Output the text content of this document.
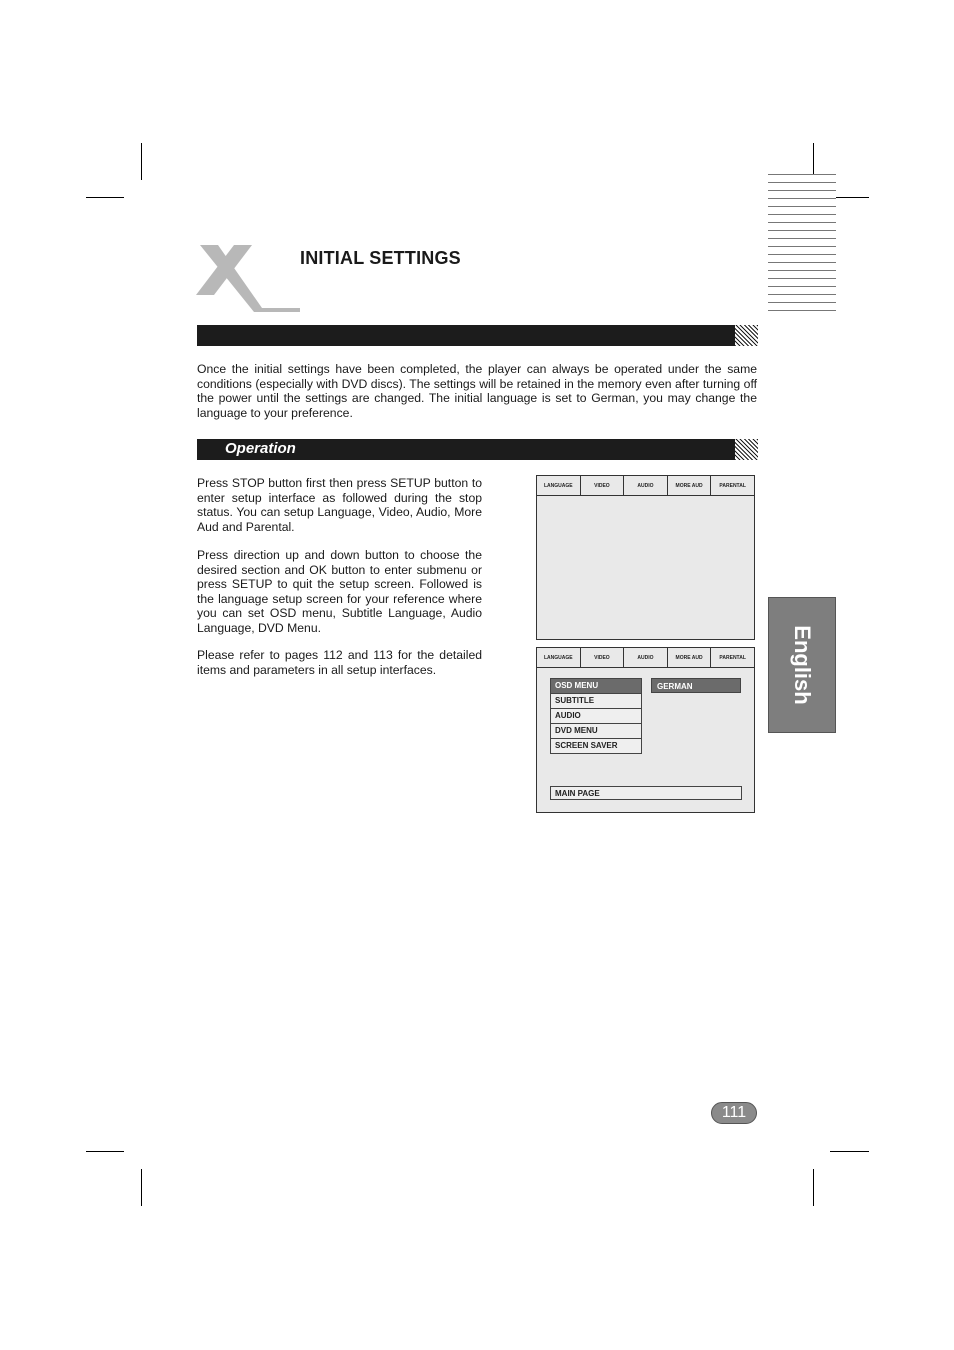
INITIAL SETTINGS

Once the initial settings have been completed, the player can always be operated under the same conditions (especially with DVD discs). The settings will be retained in the memory even after turning off the power until the settings are changed. The initial language is set to German, you may change the language to your preference.

Operation

Press STOP button first then press SETUP button to enter setup interface as followed during the stop status. You can setup Language, Video, Audio, More Aud and Parental.

Press direction up and down button to choose the desired section and OK button to enter submenu or press SETUP to quit the setup screen. Followed is the language setup screen for your reference where you can set OSD menu, Subtitle Language, Audio Language, DVD Menu.

Please refer to pages 112 and 113 for the detailed items and parameters in all setup interfaces.

LANGUAGE	VIDEO	AUDIO	MORE AUD	PARENTAL
LANGUAGE	VIDEO	AUDIO	MORE AUD	PARENTAL
OSD MENU
SUBTITLE
AUDIO
DVD MENU
SCREEN SAVER
GERMAN
MAIN PAGE
English
111
